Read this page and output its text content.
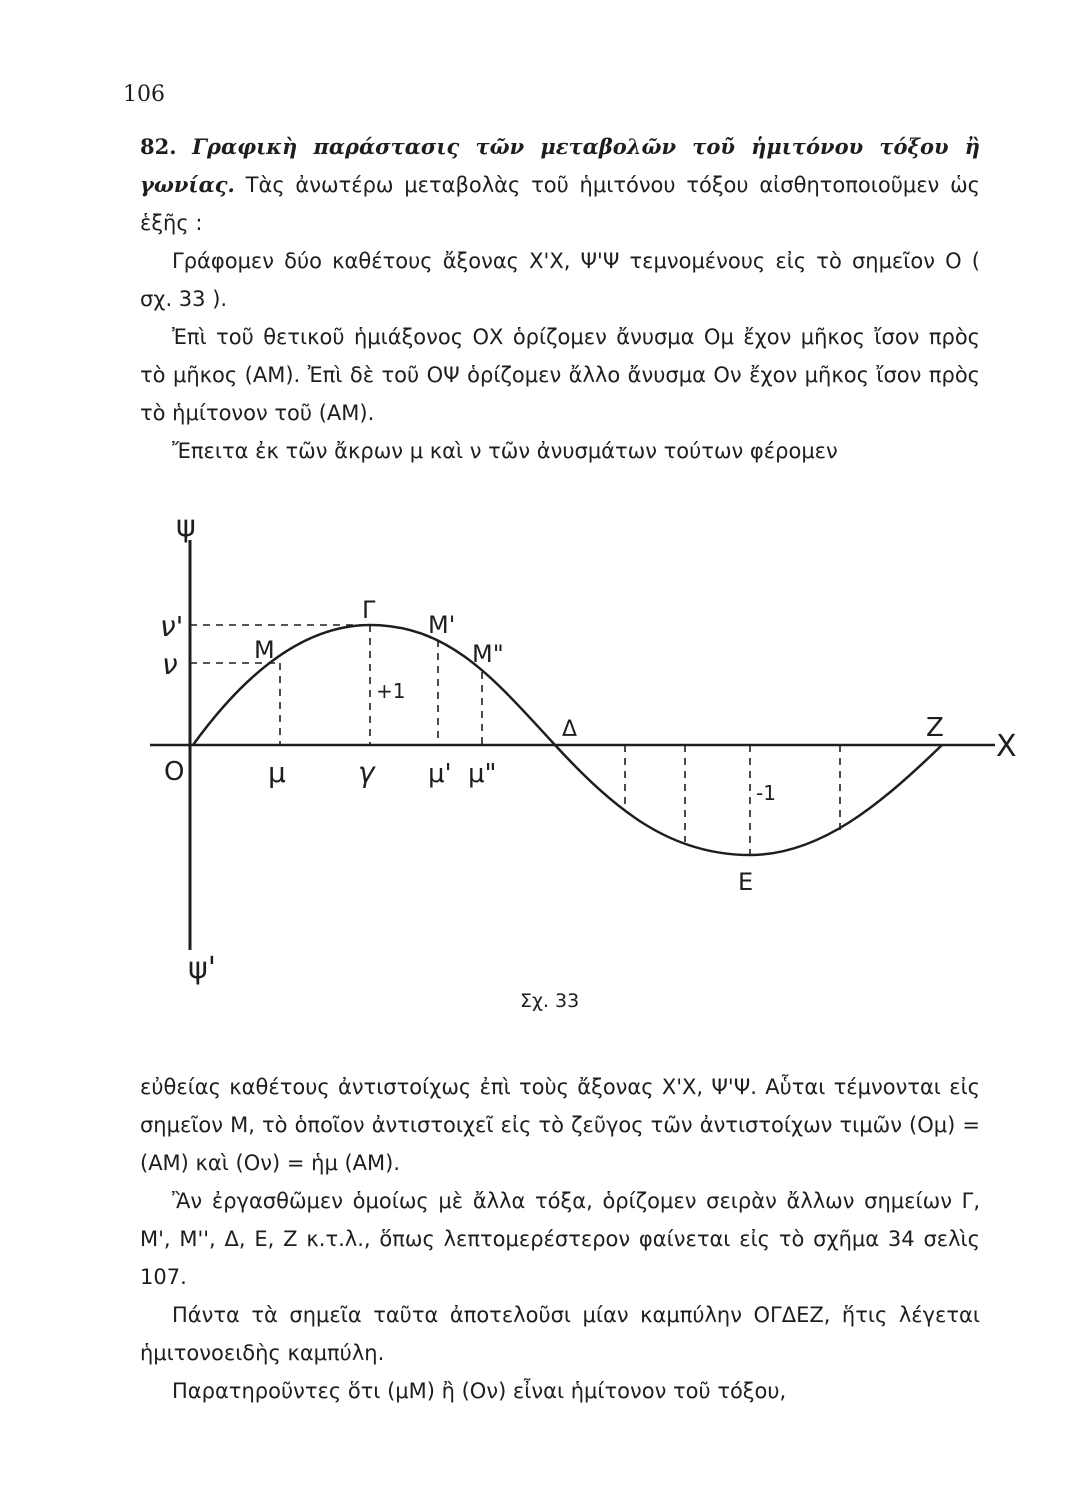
106

82. Γραφικὴ παράστασις τῶν μεταβολῶν τοῦ ἡμιτόνου τόξου ἢ γωνίας. Τὰς ἀνωτέρω μεταβολὰς τοῦ ἡμιτόνου τόξου αἰσθητοποιοῦμεν ὡς ἑξῆς :

Γράφομεν δύο καθέτους ἄξονας Χ'Χ, Ψ'Ψ τεμνομένους εἰς τὸ σημεῖον Ο ( σχ. 33 ).

Ἐπὶ τοῦ θετικοῦ ἡμιάξονος ΟΧ ὁρίζομεν ἄνυσμα Ομ ἔχον μῆκος ἴσον πρὸς τὸ μῆκος (ΑΜ). Ἐπὶ δὲ τοῦ ΟΨ ὁρίζομεν ἄλλο ἄνυσμα Ον ἔχον μῆκος ἴσον πρὸς τὸ ἡμίτονον τοῦ (ΑΜ).

Ἔπειτα ἐκ τῶν ἄκρων μ καὶ ν τῶν ἀνυσμάτων τούτων φέρομεν

ψ
ψ'
X
O
ν'
ν	M
Γ
M'
M"
+1
Δ	Z
-1
E
μ	γ μ' μ"
Σχ. 33

εὐθείας καθέτους ἀντιστοίχως ἐπὶ τοὺς ἄξονας Χ'Χ, Ψ'Ψ. Αὗται τέμνονται εἰς σημεῖον Μ, τὸ ὁποῖον ἀντιστοιχεῖ εἰς τὸ ζεῦγος τῶν ἀντιστοίχων τιμῶν (Ομ) = (ΑΜ) καὶ (Ον) = ἡμ (ΑΜ).

Ἂν ἐργασθῶμεν ὁμοίως μὲ ἄλλα τόξα, ὁρίζομεν σειρὰν ἄλλων σημείων Γ, Μ', Μ'', Δ, Ε, Ζ κ.τ.λ., ὅπως λεπτομερέστερον φαίνεται εἰς τὸ σχῆμα 34 σελὶς 107.

Πάντα τὰ σημεῖα ταῦτα ἀποτελοῦσι μίαν καμπύλην ΟΓΔΕΖ, ἥτις λέγεται ἡμιτονοειδὴς καμπύλη.

Παρατηροῦντες ὅτι (μΜ) ἢ (Ον) εἶναι ἡμίτονον τοῦ τόξου,
